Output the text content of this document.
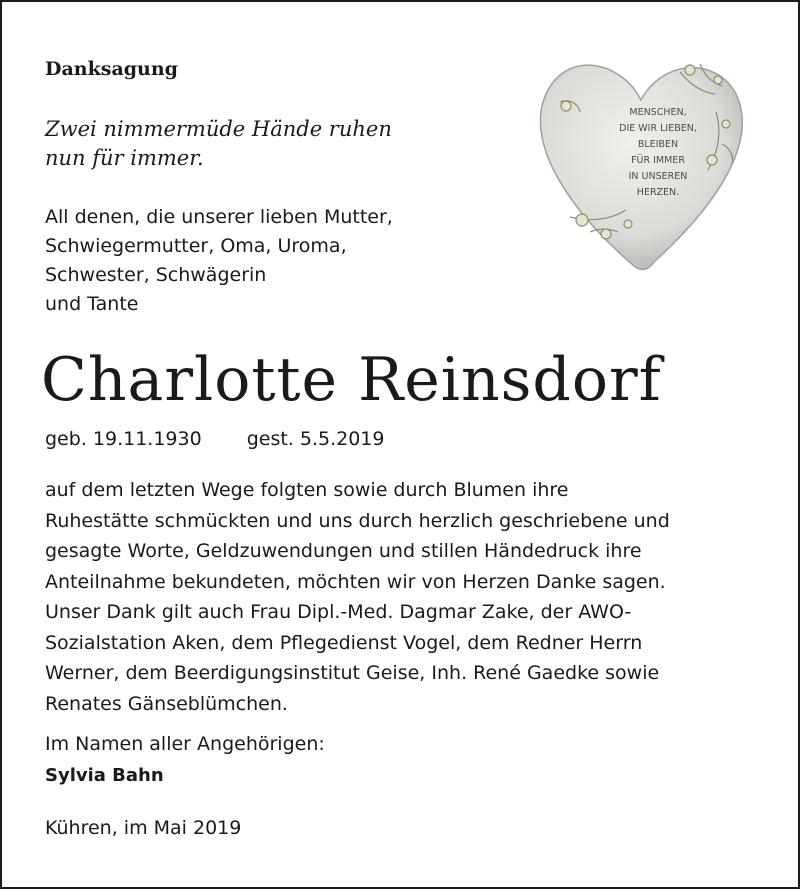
Danksagung
Zwei nimmermüde Hände ruhen
nun für immer.
All denen, die unserer lieben Mutter,
Schwiegermutter, Oma, Uroma,
Schwester, Schwägerin
und Tante
MENSCHEN,
DIE WIR LIEBEN,
BLEIBEN
FÜR IMMER
IN UNSEREN
HERZEN.
Charlotte Reinsdorf
geb. 19.11.1930 gest. 5.5.2019
auf dem letzten Wege folgten sowie durch Blumen ihre
Ruhestätte schmückten und uns durch herzlich geschriebene und
gesagte Worte, Geldzuwendungen und stillen Händedruck ihre
Anteilnahme bekundeten, möchten wir von Herzen Danke sagen.
Unser Dank gilt auch Frau Dipl.-Med. Dagmar Zake, der AWO-
Sozialstation Aken, dem Pflegedienst Vogel, dem Redner Herrn
Werner, dem Beerdigungsinstitut Geise, Inh. René Gaedke sowie
Renates Gänseblümchen.
Im Namen aller Angehörigen:
Sylvia Bahn
Kühren, im Mai 2019
